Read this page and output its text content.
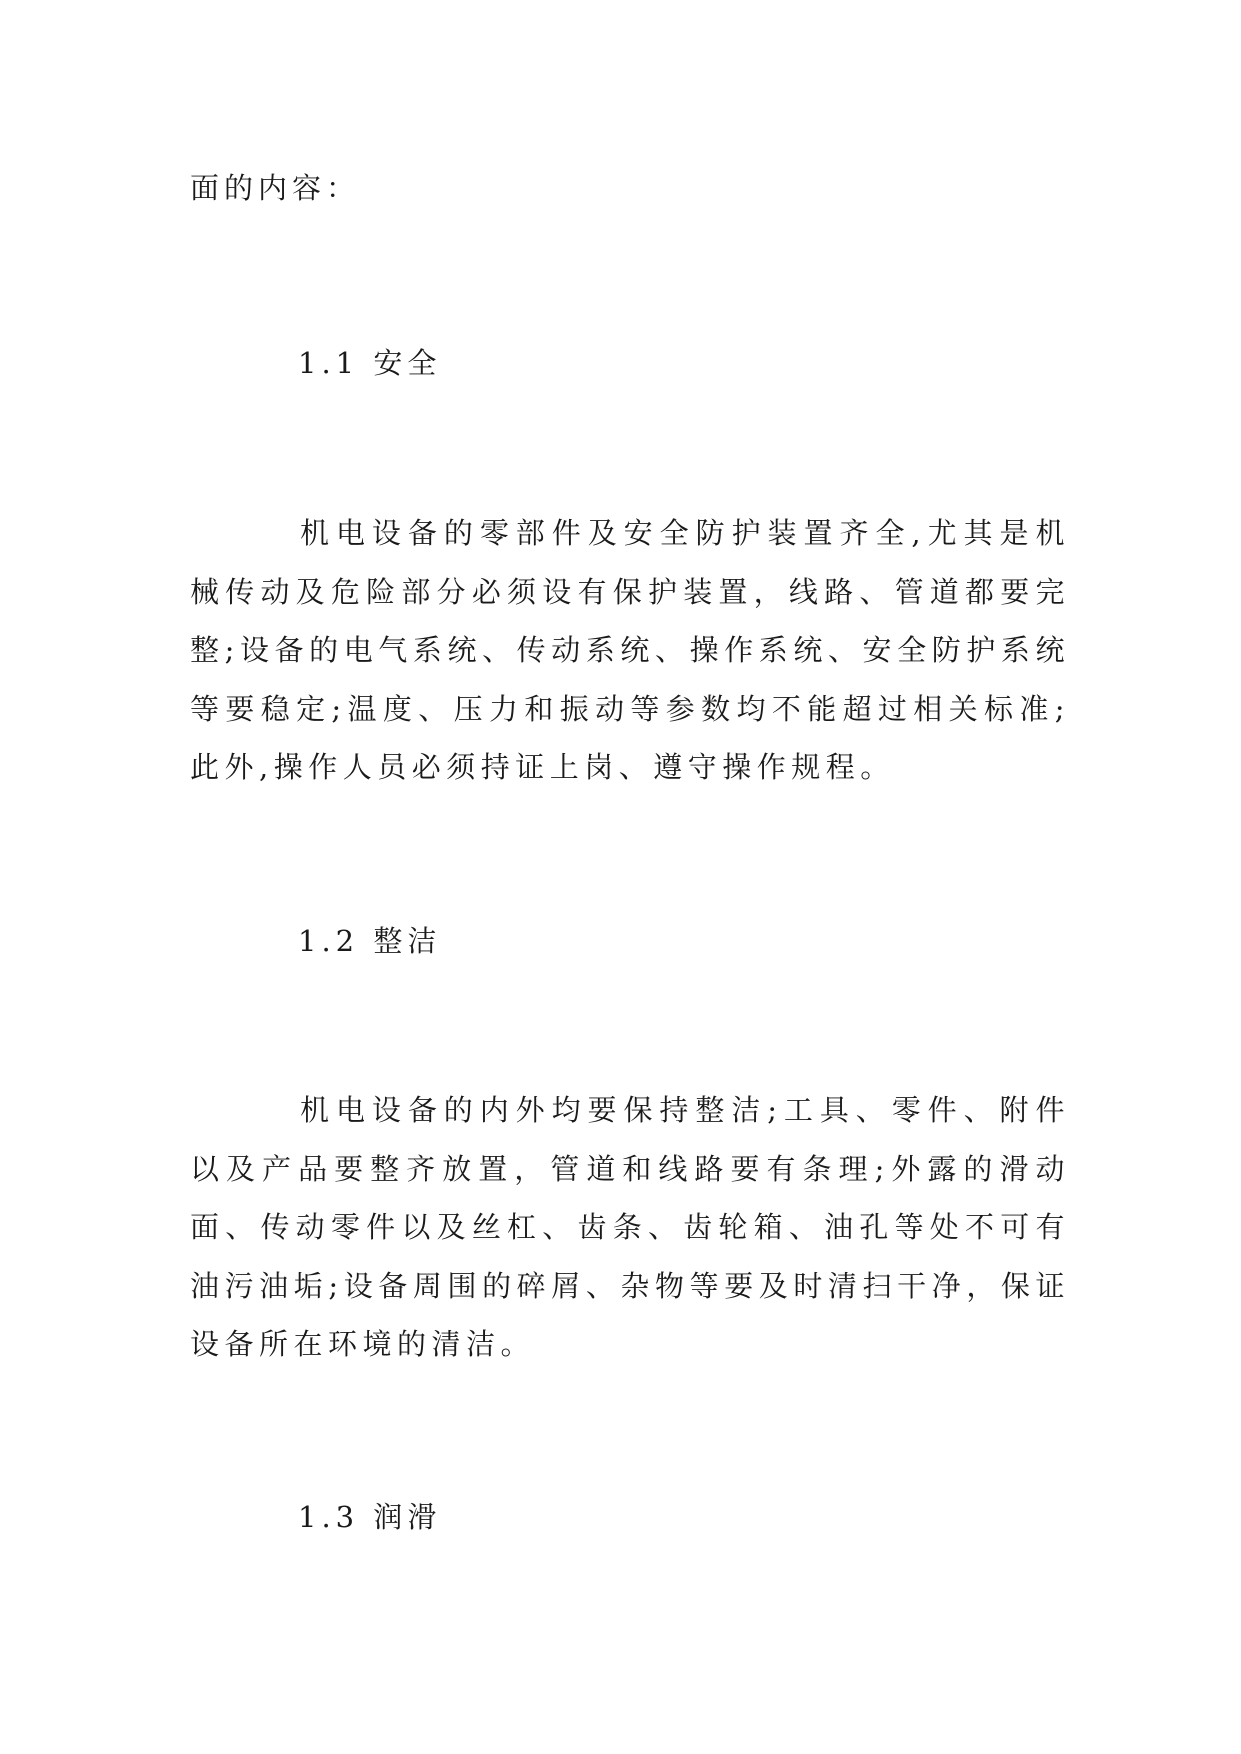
面的内容：
1.1 安全
机电设备的零部件及安全防护装置齐全,尤其是机械传动及危险部分必须设有保护装置，线路、管道都要完整;设备的电气系统、传动系统、操作系统、安全防护系统等要稳定;温度、压力和振动等参数均不能超过相关标准;此外,操作人员必须持证上岗、遵守操作规程。
1.2 整洁
机电设备的内外均要保持整洁;工具、零件、附件以及产品要整齐放置，管道和线路要有条理;外露的滑动面、传动零件以及丝杠、齿条、齿轮箱、油孔等处不可有油污油垢;设备周围的碎屑、杂物等要及时清扫干净，保证设备所在环境的清洁。
1.3 润滑
